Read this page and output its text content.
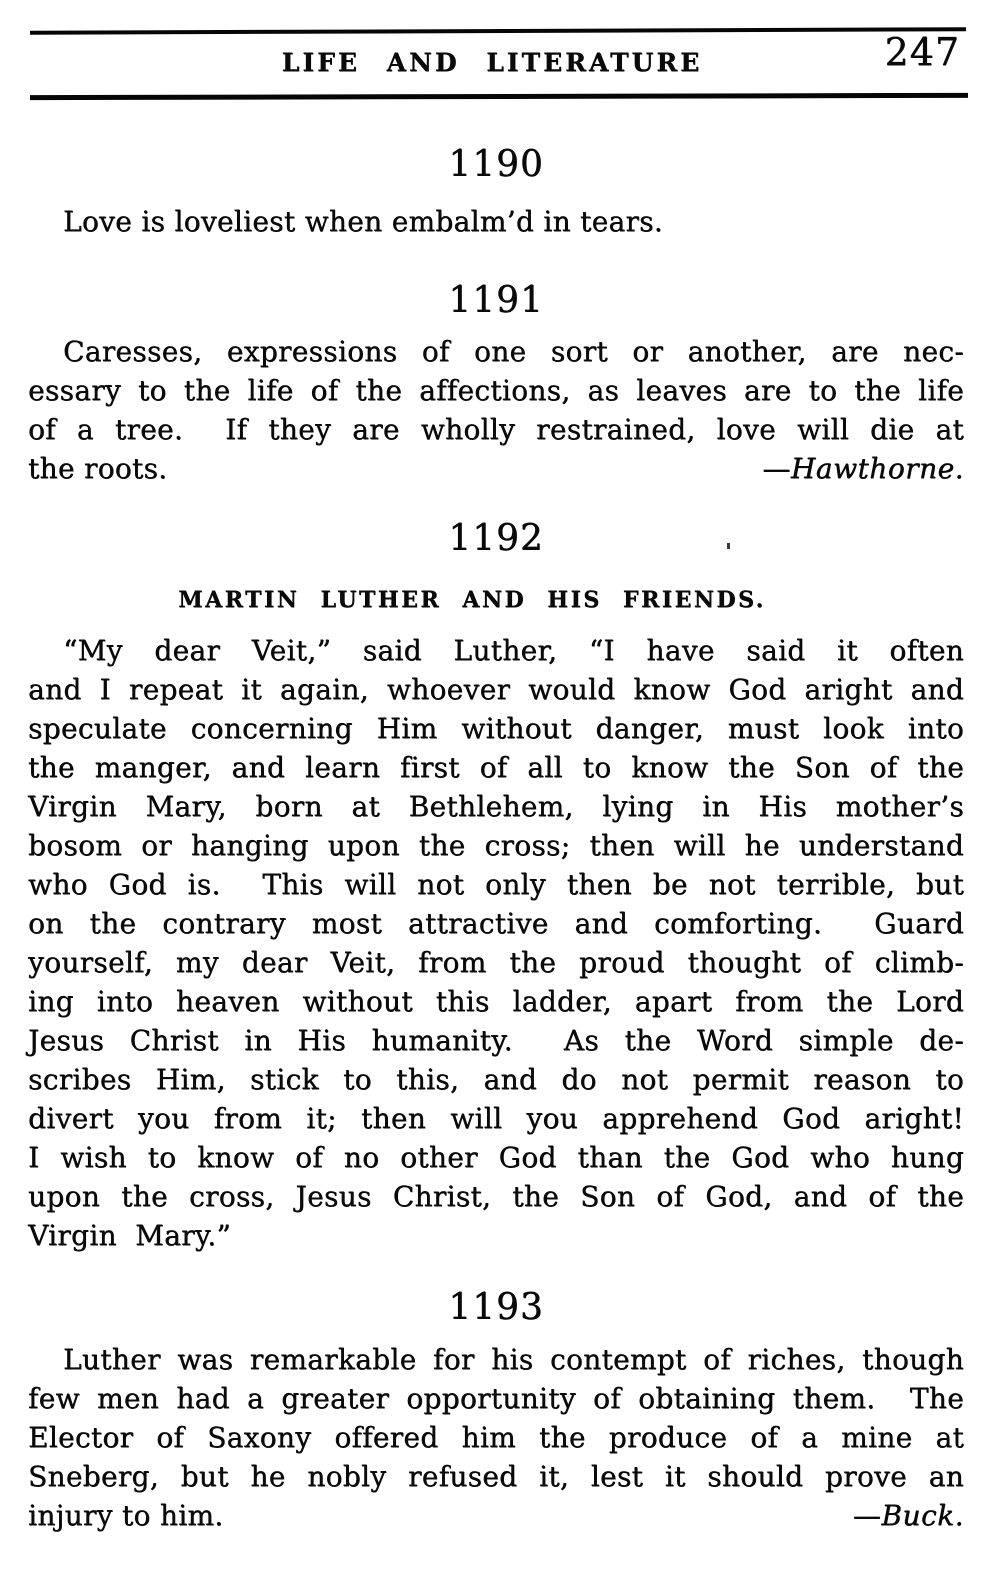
LIFE AND LITERATURE	247
1190
Love is loveliest when embalm’d in tears.
1191
Caresses, expressions of one sort or another, are nec-
essary to the life of the affections, as leaves are to the life
of a tree.  If they are wholly restrained, love will die at
the roots.	—Hawthorne.
1192
MARTIN LUTHER AND HIS FRIENDS.
“My dear Veit,” said Luther, “I have said it often
and I repeat it again, whoever would know God aright and
speculate concerning Him without danger, must look into
the manger, and learn first of all to know the Son of the
Virgin Mary, born at Bethlehem, lying in His mother’s
bosom or hanging upon the cross; then will he understand
who God is.  This will not only then be not terrible, but
on the contrary most attractive and comforting.  Guard
yourself, my dear Veit, from the proud thought of climb-
ing into heaven without this ladder, apart from the Lord
Jesus Christ in His humanity.  As the Word simple de-
scribes Him, stick to this, and do not permit reason to
divert you from it; then will you apprehend God aright!
I wish to know of no other God than the God who hung
upon the cross, Jesus Christ, the Son of God, and of the
Virgin  Mary.”
1193
Luther was remarkable for his contempt of riches, though
few men had a greater opportunity of obtaining them.  The
Elector of Saxony offered him the produce of a mine at
Sneberg, but he nobly refused it, lest it should prove an
injury to him.	—Buck.
